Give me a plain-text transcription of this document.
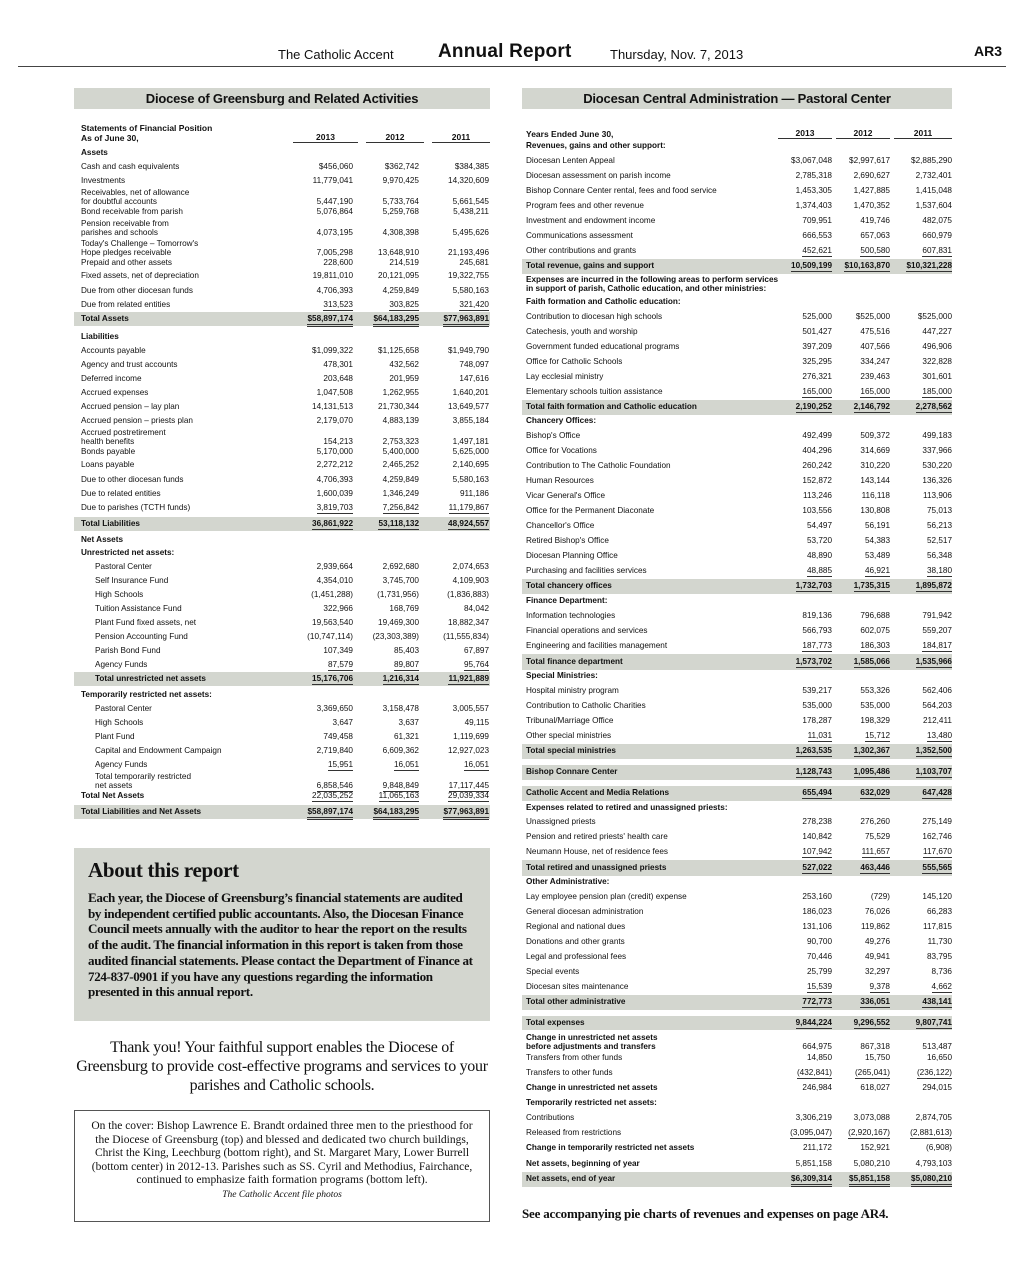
The Catholic Accent Annual Report	Thursday, Nov. 7, 2013	AR3
Diocese of Greensburg and Related Activities
Statements of Financial Position
As of June 30,	2013	2012	2011
Assets
Cash and cash equivalents	$456,060	$362,742	$384,385
Investments	11,779,041	9,970,425	14,320,609
Receivables, net of allowance
for doubtful accounts	5,447,190	5,733,764	5,661,545
Bond receivable from parish	5,076,864	5,259,768	5,438,211
Pension receivable from
parishes and schools	4,073,195	4,308,398	5,495,626
Today's Challenge – Tomorrow's
Hope pledges receivable	7,005,298	13,648,910	21,193,496
Prepaid and other assets	228,600	214,519	245,681
Fixed assets, net of depreciation	19,811,010	20,121,095	19,322,755
Due from other diocesan funds	4,706,393	4,259,849	5,580,163
Due from related entities	313,523	303,825	321,420
Total Assets	$58,897,174	$64,183,295	$77,963,891
Liabilities
Accounts payable	$1,099,322	$1,125,658	$1,949,790
Agency and trust accounts	478,301	432,562	748,097
Deferred income	203,648	201,959	147,616
Accrued expenses	1,047,508	1,262,955	1,640,201
Accrued pension – lay plan	14,131,513	21,730,344	13,649,577
Accrued pension – priests plan	2,179,070	4,883,139	3,855,184
Accrued postretirement
health benefits	154,213	2,753,323	1,497,181
Bonds payable	5,170,000	5,400,000	5,625,000
Loans payable	2,272,212	2,465,252	2,140,695
Due to other diocesan funds	4,706,393	4,259,849	5,580,163
Due to related entities	1,600,039	1,346,249	911,186
Due to parishes (TCTH funds)	3,819,703	7,256,842	11,179,867
Total Liabilities	36,861,922	53,118,132	48,924,557
Net Assets
Unrestricted net assets:
Pastoral Center	2,939,664	2,692,680	2,074,653
Self Insurance Fund	4,354,010	3,745,700	4,109,903
High Schools	(1,451,288)	(1,731,956)	(1,836,883)
Tuition Assistance Fund	322,966	168,769	84,042
Plant Fund fixed assets, net	19,563,540	19,469,300	18,882,347
Pension Accounting Fund	(10,747,114)	(23,303,389)	(11,555,834)
Parish Bond Fund	107,349	85,403	67,897
Agency Funds	87,579	89,807	95,764
Total unrestricted net assets	15,176,706	1,216,314	11,921,889
Temporarily restricted net assets:
Pastoral Center	3,369,650	3,158,478	3,005,557
High Schools	3,647	3,637	49,115
Plant Fund	749,458	61,321	1,119,699
Capital and Endowment Campaign	2,719,840	6,609,362	12,927,023
Agency Funds	15,951	16,051	16,051
Total temporarily restricted
net assets	6,858,546	9,848,849	17,117,445
Total Net Assets	22,035,252	11,065,163	29,039,334
Total Liabilities and Net Assets	$58,897,174	$64,183,295	$77,963,891
Diocesan Central Administration — Pastoral Center
Years Ended June 30,	2013	2012	2011
Revenues, gains and other support:
Diocesan Lenten Appeal	$3,067,048	$2,997,617	$2,885,290
Diocesan assessment on parish income	2,785,318	2,690,627	2,732,401
Bishop Connare Center rental, fees and food service	1,453,305	1,427,885	1,415,048
Program fees and other revenue	1,374,403	1,470,352	1,537,604
Investment and endowment income	709,951	419,746	482,075
Communications assessment	666,553	657,063	660,979
Other contributions and grants	452,621	500,580	607,831
Total revenue, gains and support	10,509,199	$10,163,870	$10,321,228
Expenses are incurred in the following areas to perform services
in support of parish, Catholic education, and other ministries:
Faith formation and Catholic education:
Contribution to diocesan high schools	525,000	$525,000	$525,000
Catechesis, youth and worship	501,427	475,516	447,227
Government funded educational programs	397,209	407,566	496,906
Office for Catholic Schools	325,295	334,247	322,828
Lay ecclesial ministry	276,321	239,463	301,601
Elementary schools tuition assistance	165,000	165,000	185,000
Total faith formation and Catholic education	2,190,252	2,146,792	2,278,562
Chancery Offices:
Bishop's Office	492,499	509,372	499,183
Office for Vocations	404,296	314,669	337,966
Contribution to The Catholic Foundation	260,242	310,220	530,220
Human Resources	152,872	143,144	136,326
Vicar General's Office	113,246	116,118	113,906
Office for the Permanent Diaconate	103,556	130,808	75,013
Chancellor's Office	54,497	56,191	56,213
Retired Bishop's Office	53,720	54,383	52,517
Diocesan Planning Office	48,890	53,489	56,348
Purchasing and facilities services	48,885	46,921	38,180
Total chancery offices	1,732,703	1,735,315	1,895,872
Finance Department:
Information technologies	819,136	796,688	791,942
Financial operations and services	566,793	602,075	559,207
Engineering and facilities management	187,773	186,303	184,817
Total finance department	1,573,702	1,585,066	1,535,966
Special Ministries:
Hospital ministry program	539,217	553,326	562,406
Contribution to Catholic Charities	535,000	535,000	564,203
Tribunal/Marriage Office	178,287	198,329	212,411
Other special ministries	11,031	15,712	13,480
Total special ministries	1,263,535	1,302,367	1,352,500
Bishop Connare Center	1,128,743	1,095,486	1,103,707
Catholic Accent and Media Relations	655,494	632,029	647,428
Expenses related to retired and unassigned priests:
Unassigned priests	278,238	276,260	275,149
Pension and retired priests' health care	140,842	75,529	162,746
Neumann House, net of residence fees	107,942	111,657	117,670
Total retired and unassigned priests	527,022	463,446	555,565
Other Administrative:
Lay employee pension plan (credit) expense	253,160	(729)	145,120
General diocesan administration	186,023	76,026	66,283
Regional and national dues	131,106	119,862	117,815
Donations and other grants	90,700	49,276	11,730
Legal and professional fees	70,446	49,941	83,795
Special events	25,799	32,297	8,736
Diocesan sites maintenance	15,539	9,378	4,662
Total other administrative	772,773	336,051	438,141
Total expenses	9,844,224	9,296,552	9,807,741
Change in unrestricted net assets
before adjustments and transfers	664,975	867,318	513,487
Transfers from other funds	14,850	15,750	16,650
Transfers to other funds	(432,841)	(265,041)	(236,122)
Change in unrestricted net assets	246,984	618,027	294,015
Temporarily restricted net assets:
Contributions	3,306,219	3,073,088	2,874,705
Released from restrictions	(3,095,047)	(2,920,167)	(2,881,613)
Change in temporarily restricted net assets	211,172	152,921	(6,908)
Net assets, beginning of year	5,851,158	5,080,210	4,793,103
Net assets, end of year	$6,309,314	$5,851,158	$5,080,210
About this report

Each year, the Diocese of Greensburg’s financial statements are audited by independent certified public accountants. Also, the Diocesan Finance Council meets annually with the auditor to hear the report on the results of the audit. The financial information in this report is taken from those audited financial statements. Please contact the Department of Finance at 724-837-0901 if you have any questions regarding the information presented in this annual report.

Thank you! Your faithful support enables the Diocese of Greensburg to provide cost-effective programs and services to your parishes and Catholic schools.
On the cover: Bishop Lawrence E. Brandt ordained three men to the priesthood for the Diocese of Greensburg (top) and blessed and dedicated two church buildings, Christ the King, Leechburg (bottom right), and St. Margaret Mary, Lower Burrell (bottom center) in 2012-13. Parishes such as SS. Cyril and Methodius, Fairchance, continued to emphasize faith formation programs (bottom left).
The Catholic Accent file photos
See accompanying pie charts of revenues and expenses on page AR4.
